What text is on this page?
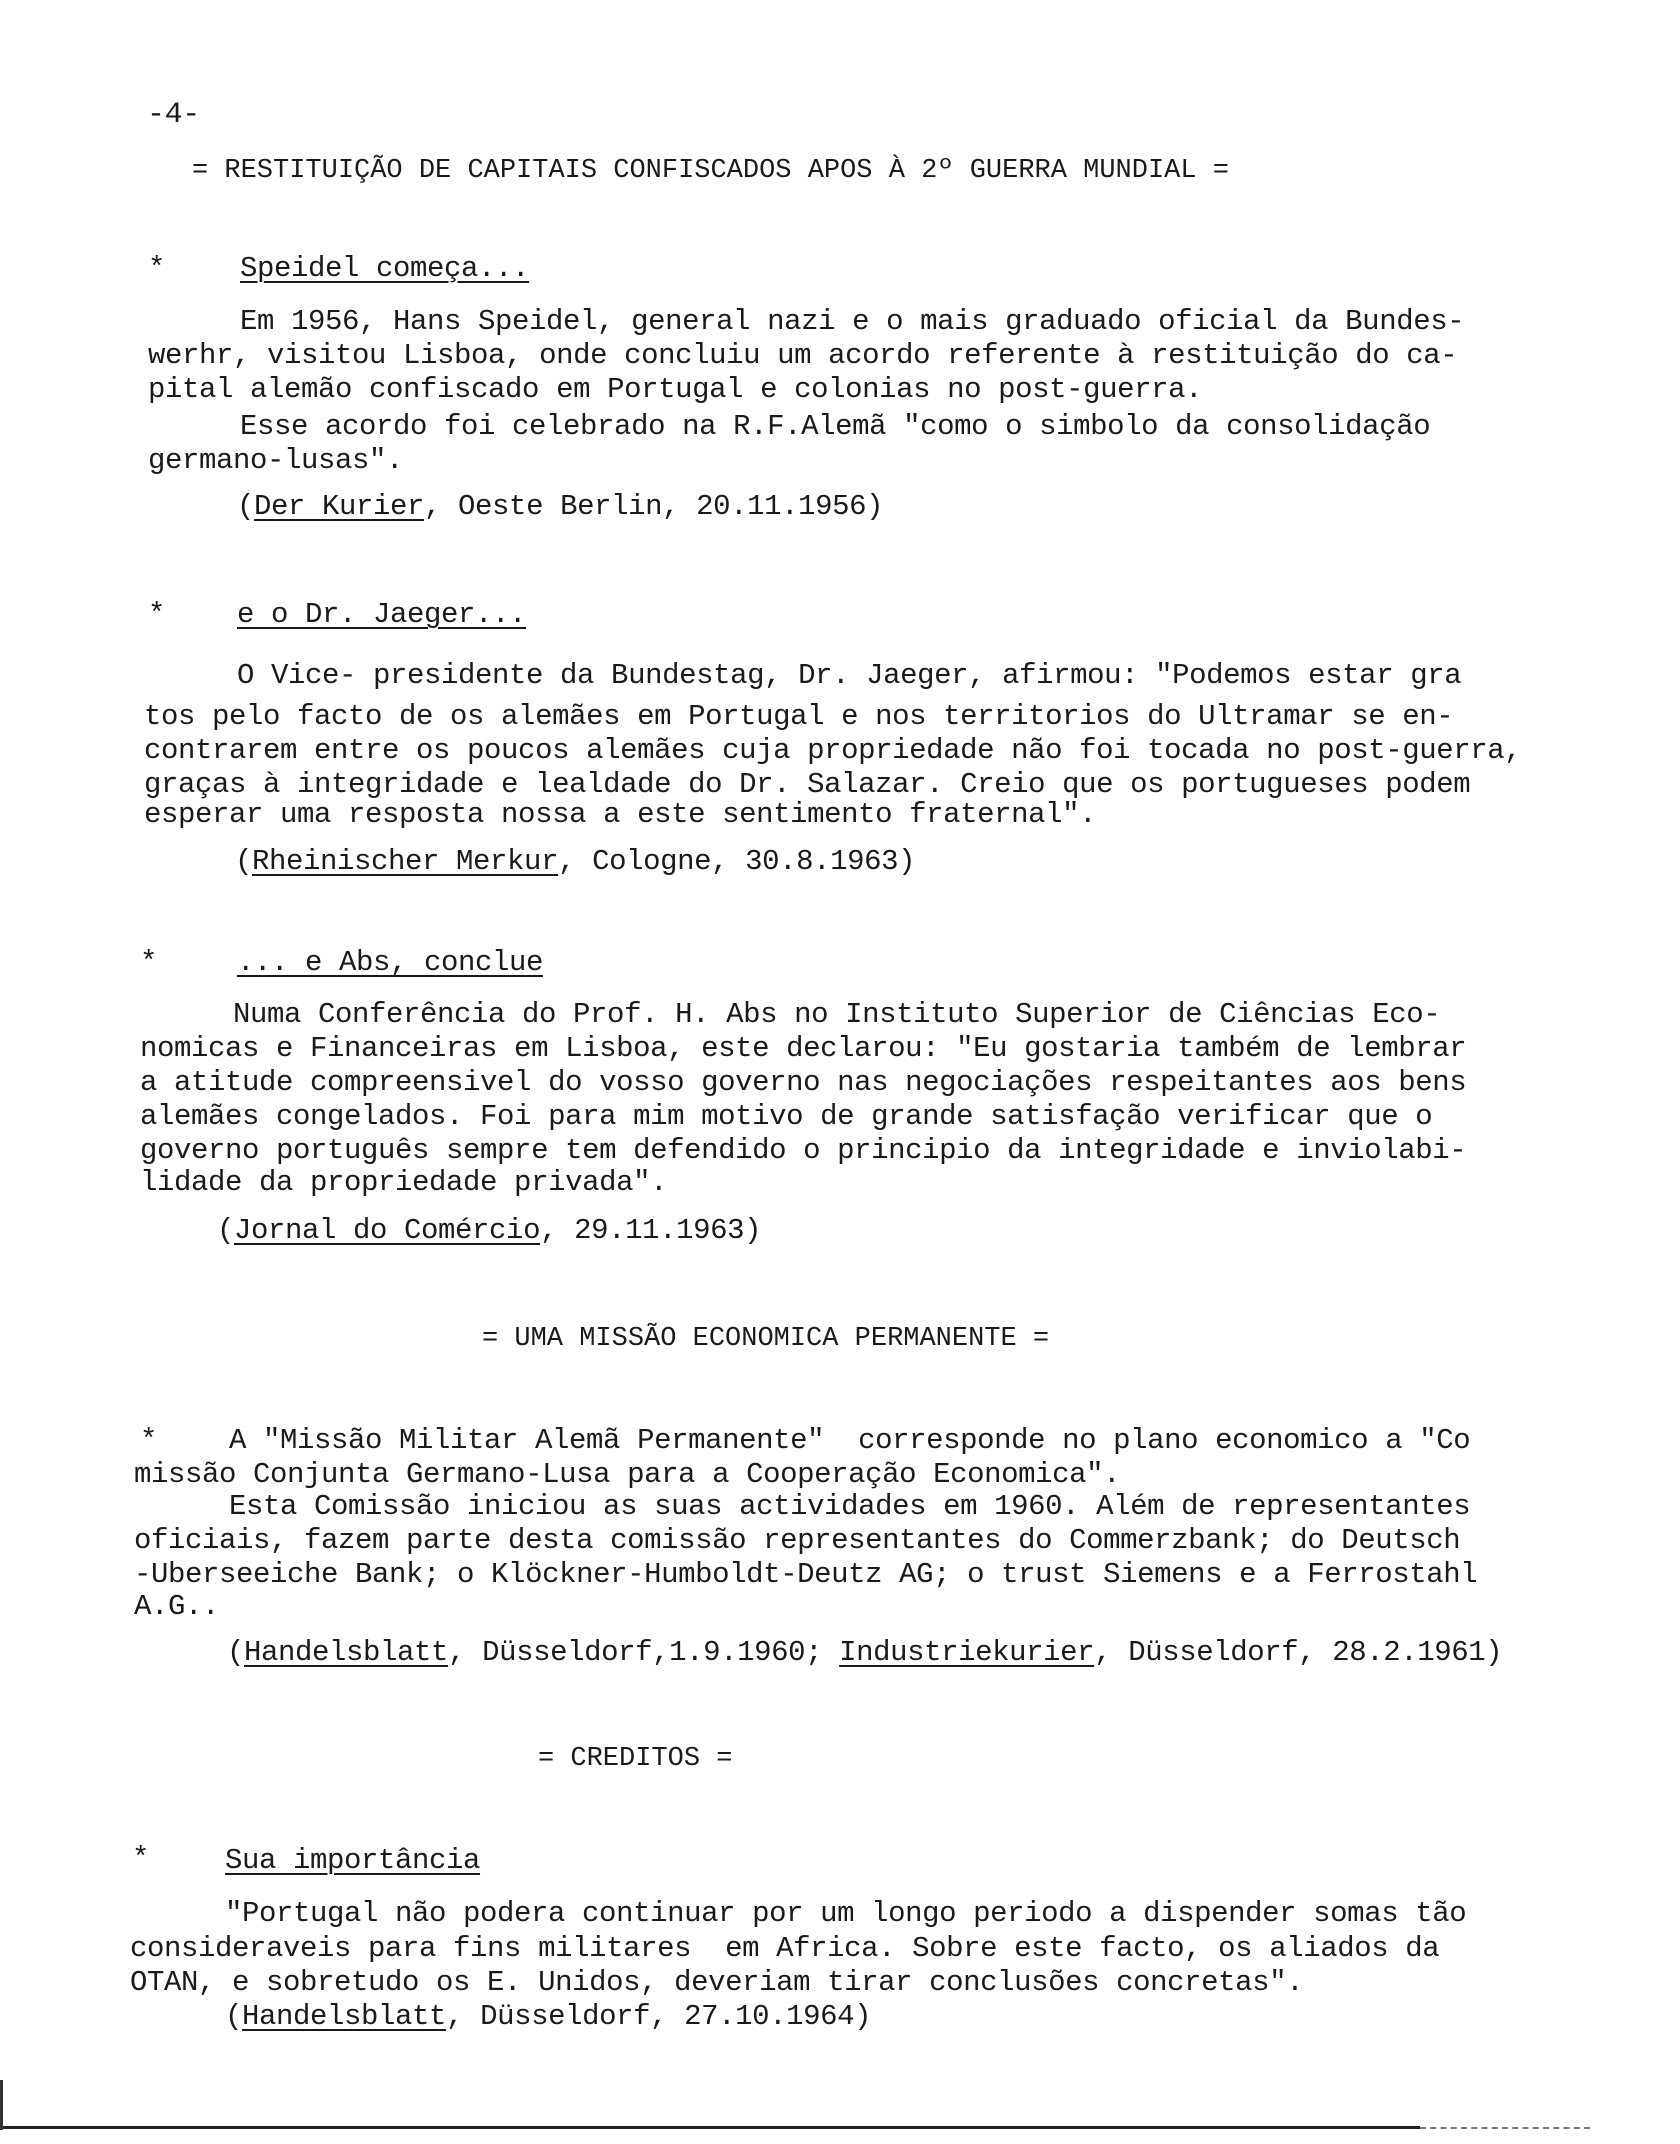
-4-
= RESTITUIÇÃO DE CAPITAIS CONFISCADOS APOS À 2º GUERRA MUNDIAL =
*	Speidel começa...
Em 1956, Hans Speidel, general nazi e o mais graduado oficial da Bundes-
werhr, visitou Lisboa, onde concluiu um acordo referente à restituição do ca-
pital alemão confiscado em Portugal e colonias no post-guerra.
Esse acordo foi celebrado na R.F.Alemã "como o simbolo da consolidação
germano-lusas".
(Der Kurier, Oeste Berlin, 20.11.1956)
* e o Dr. Jaeger...
O Vice- presidente da Bundestag, Dr. Jaeger, afirmou: "Podemos estar gra
tos pelo facto de os alemães em Portugal e nos territorios do Ultramar se en-
contrarem entre os poucos alemães cuja propriedade não foi tocada no post-guerra,
graças à integridade e lealdade do Dr. Salazar. Creio que os portugueses podem
esperar uma resposta nossa a este sentimento fraternal".
(Rheinischer Merkur, Cologne, 30.8.1963)
*	... e Abs, conclue
Numa Conferência do Prof. H. Abs no Instituto Superior de Ciências Eco-
nomicas e Financeiras em Lisboa, este declarou: "Eu gostaria também de lembrar
a atitude compreensivel do vosso governo nas negociações respeitantes aos bens
alemães congelados. Foi para mim motivo de grande satisfação verificar que o
governo português sempre tem defendido o principio da integridade e inviolabi-
lidade da propriedade privada".
(Jornal do Comércio, 29.11.1963)
= UMA MISSÃO ECONOMICA PERMANENTE =
* A "Missão Militar Alemã Permanente"  corresponde no plano economico a "Co
missão Conjunta Germano-Lusa para a Cooperação Economica".
Esta Comissão iniciou as suas actividades em 1960. Além de representantes
oficiais, fazem parte desta comissão representantes do Commerzbank; do Deutsch
-Uberseeiche Bank; o Klöckner-Humboldt-Deutz AG; o trust Siemens e a Ferrostahl
A.G..
(Handelsblatt, Düsseldorf,1.9.1960; Industriekurier, Düsseldorf, 28.2.1961)
= CREDITOS =
*	Sua importância
"Portugal não podera continuar por um longo periodo a dispender somas tão
consideraveis para fins militares  em Africa. Sobre este facto, os aliados da
OTAN, e sobretudo os E. Unidos, deveriam tirar conclusões concretas".
(Handelsblatt, Düsseldorf, 27.10.1964)
